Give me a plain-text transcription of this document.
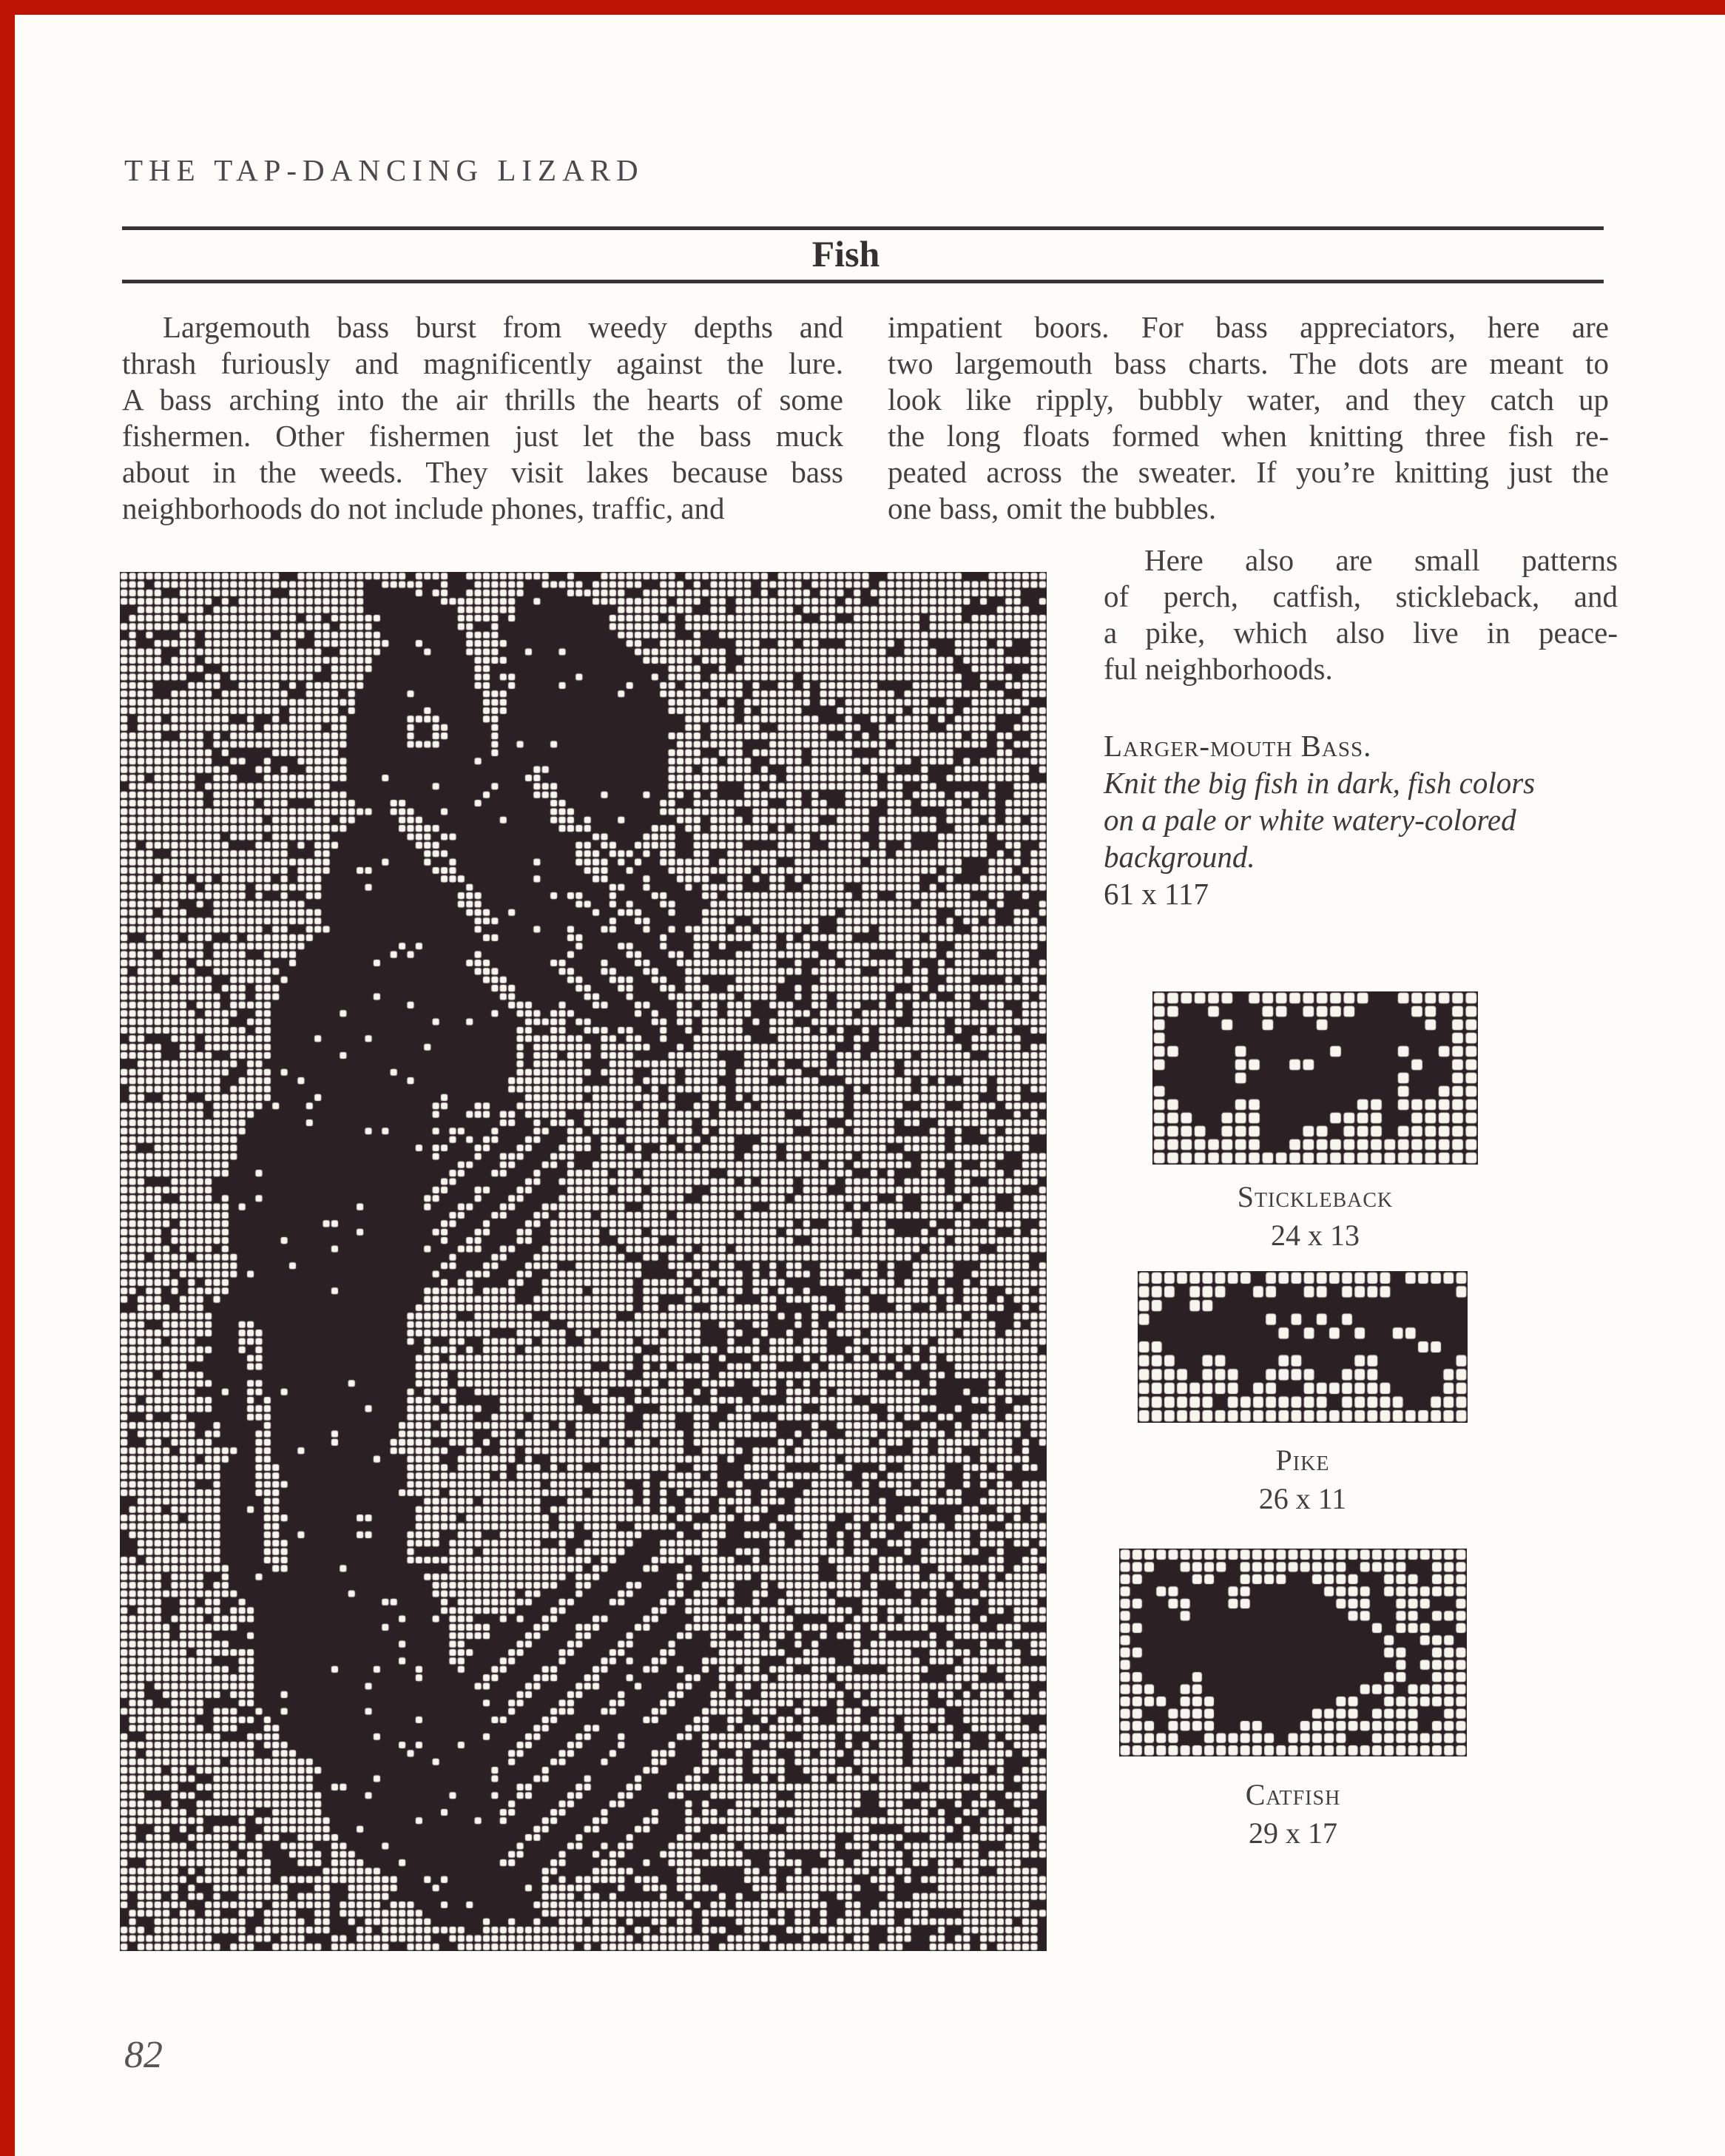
THE TAP-DANCING LIZARD
Fish
Largemouth bass burst from weedy depths and
thrash furiously and magnificently against the lure.
A bass arching into the air thrills the hearts of some
fishermen. Other fishermen just let the bass muck
about in the weeds. They visit lakes because bass
neighborhoods do not include phones, traffic, and
impatient boors. For bass appreciators, here are
two largemouth bass charts. The dots are meant to
look like ripply, bubbly water, and they catch up
the long floats formed when knitting three fish re-
peated across the sweater. If you’re knitting just the
one bass, omit the bubbles.
Here also are small patterns
of perch, catfish, stickleback, and
a pike, which also live in peace-
ful neighborhoods.
Larger-mouth Bass.
Knit the big fish in dark, fish colors
on a pale or white watery-colored
background.
61 x 117
Stickleback
24 x 13
Pike
26 x 11
Catfish
29 x 17
82
